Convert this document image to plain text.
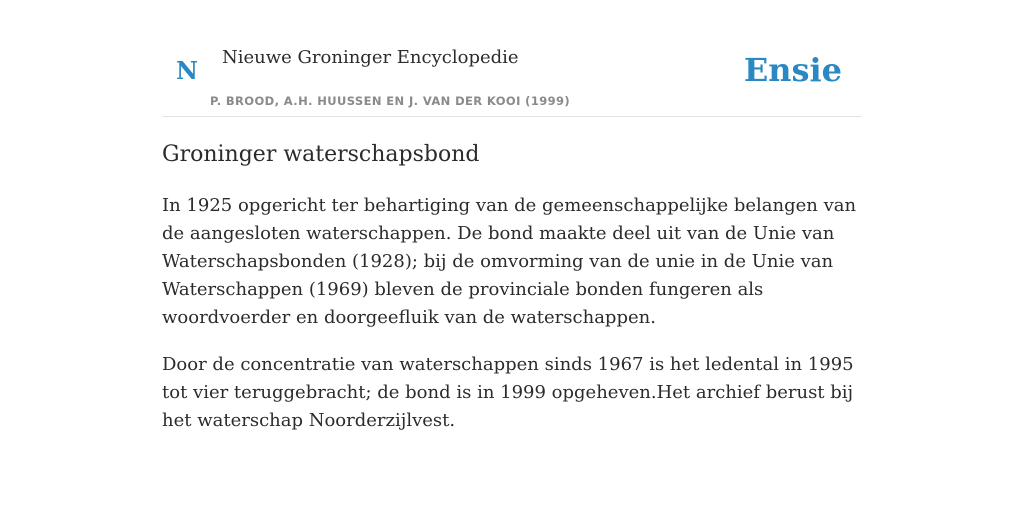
N Nieuwe Groninger Encyclopedie
P. BROOD, A.H. HUUSSEN EN J. VAN DER KOOI (1999)
Ensie
Groninger waterschapsbond

In 1925 opgericht ter behartiging van de gemeenschappelijke belangen van de aangesloten waterschappen. De bond maakte deel uit van de Unie van Waterschapsbonden (1928); bij de omvorming van de unie in de Unie van Waterschappen (1969) bleven de provinciale bonden fungeren als woordvoerder en doorgeefluik van de waterschappen.

Door de concentratie van waterschappen sinds 1967 is het ledental in 1995 tot vier teruggebracht; de bond is in 1999 opgeheven.Het archief berust bij het waterschap Noorderzijlvest.
